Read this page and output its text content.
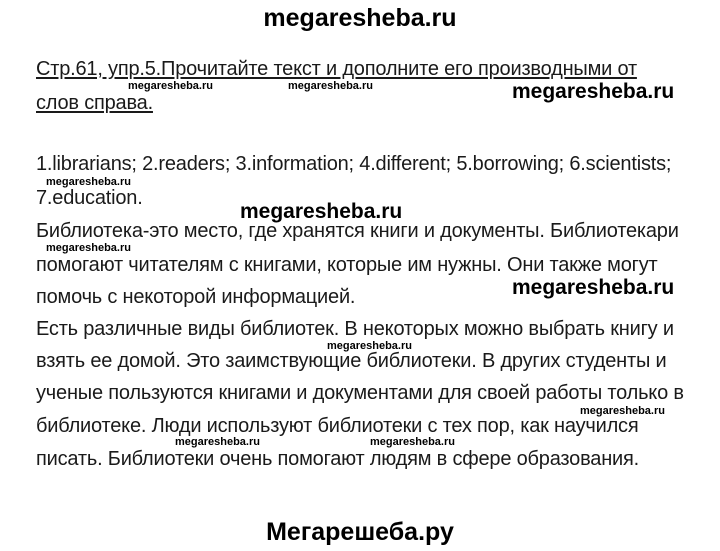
megaresheba.ru
Мегарешеба.ру
Стр.61, упр.5.Прочитайте текст и дополните его производными от
слов справа.
1.librarians; 2.readers; 3.information; 4.different; 5.borrowing; 6.scientists;
7.education.
Библиотека-это место, где хранятся книги и документы. Библиотекари
помогают читателям с книгами, которые им нужны. Они также могут
помочь с некоторой информацией.
Есть различные виды библиотек. В некоторых можно выбрать книгу и
взять ее домой. Это заимствующие библиотеки. В других студенты и
ученые пользуются книгами и документами для своей работы только в
библиотеке. Люди используют библиотеки с тех пор, как научился
писать. Библиотеки очень помогают людям в сфере образования.
megaresheba.ru	megaresheba.ru	megaresheba.ru
megaresheba.ru
megaresheba.ru
megaresheba.ru
megaresheba.ru
megaresheba.ru
megaresheba.ru
megaresheba.ru	megaresheba.ru
